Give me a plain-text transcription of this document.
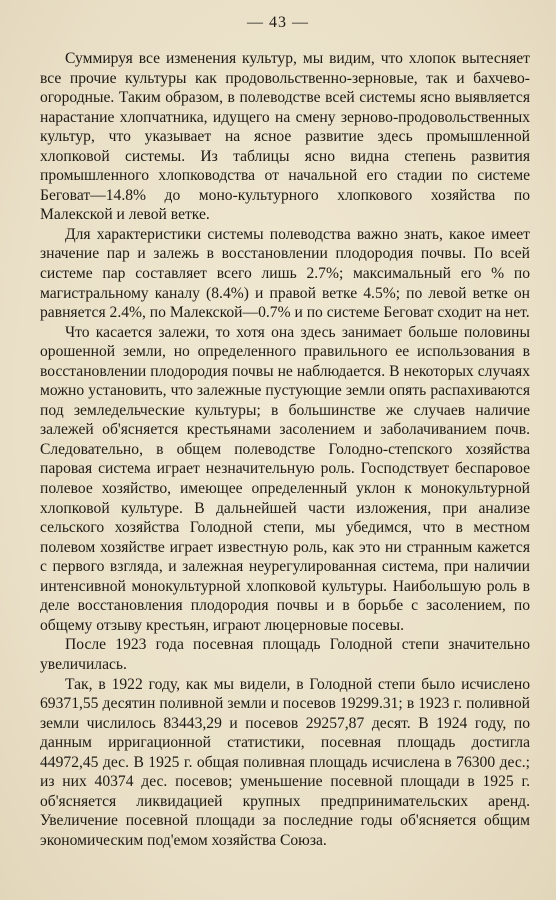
— 43 —

Суммируя все изменения культур, мы видим, что хлопок вытесняет все прочие культуры как продовольственно-зерновые, так и бахчево-огородные. Таким образом, в полеводстве всей системы ясно выявляется нарастание хлопчатника, идущего на смену зерново-продовольственных культур, что указывает на ясное развитие здесь промышленной хлопковой системы. Из таблицы ясно видна степень развития промышленного хлопководства от начальной его стадии по системе Беговат—14.8% до моно-культурного хлопкового хозяйства по Малекской и левой ветке.

Для характеристики системы полеводства важно знать, какое имеет значение пар и залежь в восстановлении плодородия почвы. По всей системе пар составляет всего лишь 2.7%; максимальный его % по магистральному каналу (8.4%) и правой ветке 4.5%; по левой ветке он равняется 2.4%, по Малекской—0.7% и по системе Беговат сходит на нет.

Что касается залежи, то хотя она здесь занимает больше половины орошенной земли, но определенного правильного ее использования в восстановлении плодородия почвы не наблюдается. В некоторых случаях можно установить, что залежные пустующие земли опять распахиваются под земледельческие культуры; в большинстве же случаев наличие залежей об'ясняется крестьянами засолением и заболачиванием почв. Следовательно, в общем полеводстве Голодно-степского хозяйства паровая система играет незначительную роль. Господствует беспаровое полевое хозяйство, имеющее определенный уклон к монокультурной хлопковой культуре. В дальнейшей части изложения, при анализе сельского хозяйства Голодной степи, мы убедимся, что в местном полевом хозяйстве играет известную роль, как это ни странным кажется с первого взгляда, и залежная неурегулированная система, при наличии интенсивной монокультурной хлопковой культуры. Наибольшую роль в деле восстановления плодородия почвы и в борьбе с засолением, по общему отзыву крестьян, играют люцерновые посевы.

После 1923 года посевная площадь Голодной степи значительно увеличилась.

Так, в 1922 году, как мы видели, в Голодной степи было исчислено 69371,55 десятин поливной земли и посевов 19299.31; в 1923 г. поливной земли числилось 83443,29 и посевов 29257,87 десят. В 1924 году, по данным ирригационной статистики, посевная площадь достигла 44972,45 дес. В 1925 г. общая поливная площадь исчислена в 76300 дес.; из них 40374 дес. посевов; уменьшение посевной площади в 1925 г. об'ясняется ликвидацией крупных предпринимательских аренд. Увеличение посевной площади за последние годы об'ясняется общим экономическим под'емом хозяйства Союза.
